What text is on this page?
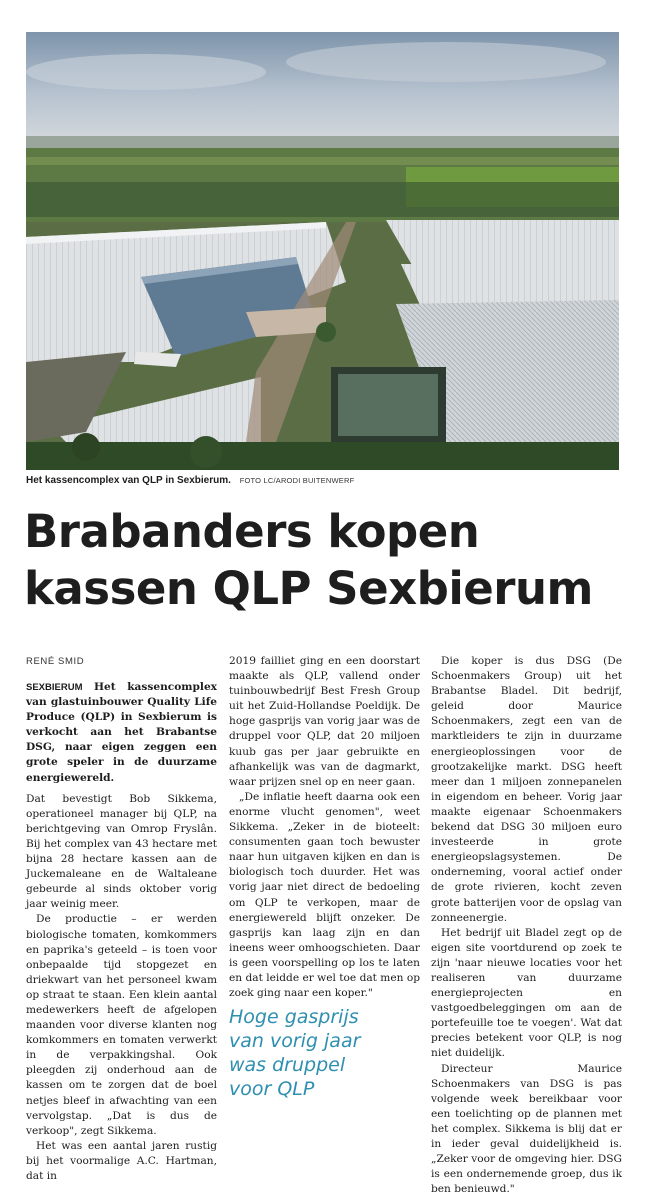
Het kassencomplex van QLP in Sexbierum. FOTO LC/ARODI BUITENWERF
Brabanders kopen
kassen QLP Sexbierum
RENÉ SMID

SEXBIERUM Het kassencomplex van glastuinbouwer Quality Life Produce (QLP) in Sexbierum is verkocht aan het Brabantse DSG, naar eigen zeggen een grote speler in de duurzame energiewereld.

Dat bevestigt Bob Sikkema, operationeel manager bij QLP, na berichtgeving van Omrop Fryslân. Bij het complex van 43 hectare met bijna 28 hectare kassen aan de Juckemaleane en de Waltaleane gebeurde al sinds oktober vorig jaar weinig meer.

De productie – er werden biologische tomaten, komkommers en paprika's geteeld – is toen voor onbepaalde tijd stopgezet en driekwart van het personeel kwam op straat te staan. Een klein aantal medewerkers heeft de afgelopen maanden voor diverse klanten nog komkommers en tomaten verwerkt in de verpakkingshal. Ook pleegden zij onderhoud aan de kassen om te zorgen dat de boel netjes bleef in afwachting van een vervolgstap. „Dat is dus de verkoop", zegt Sikkema.

Het was een aantal jaren rustig bij het voormalige A.C. Hartman, dat in

2019 failliet ging en een doorstart maakte als QLP, vallend onder tuinbouwbedrijf Best Fresh Group uit het Zuid-Hollandse Poeldijk. De hoge gasprijs van vorig jaar was de druppel voor QLP, dat 20 miljoen kuub gas per jaar gebruikte en afhankelijk was van de dagmarkt, waar prijzen snel op en neer gaan.

„De inflatie heeft daarna ook een enorme vlucht genomen", weet Sikkema. „Zeker in de bioteelt: consumenten gaan toch bewuster naar hun uitgaven kijken en dan is biologisch toch duurder. Het was vorig jaar niet direct de bedoeling om QLP te verkopen, maar de energiewereld blijft onzeker. De gasprijs kan laag zijn en dan ineens weer omhoogschieten. Daar is geen voorspelling op los te laten en dat leidde er wel toe dat men op zoek ging naar een koper."

Hoge gasprijs
van vorig jaar
was druppel
voor QLP

Die koper is dus DSG (De Schoenmakers Group) uit het Brabantse Bladel. Dit bedrijf, geleid door Maurice Schoenmakers, zegt een van de marktleiders te zijn in duurzame energieoplossingen voor de grootzakelijke markt. DSG heeft meer dan 1 miljoen zonnepanelen in eigendom en beheer. Vorig jaar maakte eigenaar Schoenmakers bekend dat DSG 30 miljoen euro investeerde in grote energieopslagsystemen. De onderneming, vooral actief onder de grote rivieren, kocht zeven grote batterijen voor de opslag van zonneenergie.

Het bedrijf uit Bladel zegt op de eigen site voortdurend op zoek te zijn 'naar nieuwe locaties voor het realiseren van duurzame energieprojecten en vastgoedbeleggingen om aan de portefeuille toe te voegen'. Wat dat precies betekent voor QLP, is nog niet duidelijk.

Directeur Maurice Schoenmakers van DSG is pas volgende week bereikbaar voor een toelichting op de plannen met het complex. Sikkema is blij dat er in ieder geval duidelijkheid is. „Zeker voor de omgeving hier. DSG is een ondernemende groep, dus ik ben benieuwd."
